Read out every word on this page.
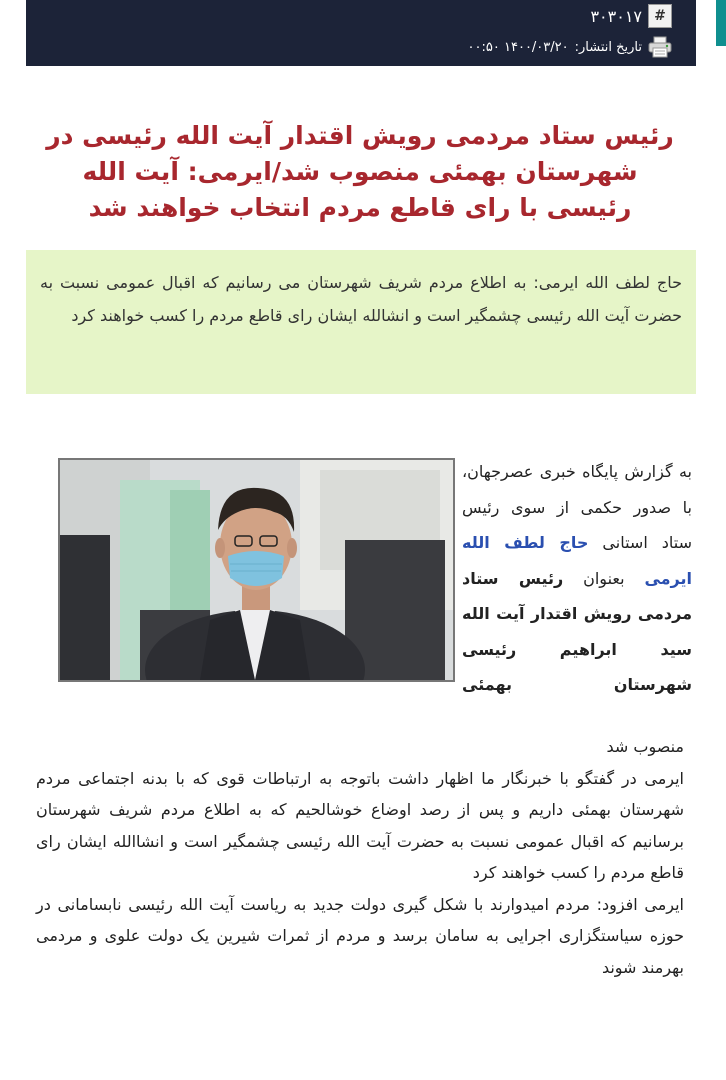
#
۳۰۳۰۱۷
تاریخ انتشار:
۱۴۰۰/۰۳/۲۰ ۰۰:۵۰
رئیس ستاد مردمی رویش اقتدار آیت الله رئیسی در شهرستان بهمئی منصوب شد/ایرمی: آیت الله رئیسی با رای قاطع مردم انتخاب خواهند شد
حاج لطف الله ایرمی: به اطلاع مردم شریف شهرستان می رسانیم که اقبال عمومی نسبت به حضرت آیت الله رئیسی چشمگیر است و انشالله ایشان رای قاطع مردم را کسب خواهند کرد
به گزارش پایگاه خبری عصرجهان، با صدور حکمی از سوی رئیس ستاد استانی حاج لطف الله ایرمی بعنوان رئیس ستاد مردمی رویش اقتدار آیت الله سید ابراهیم رئیسی شهرستان بهمئی

منصوب شد

ایرمی در گفتگو با خبرنگار ما اظهار داشت باتوجه به ارتباطات قوی که با بدنه اجتماعی مردم شهرستان بهمئی داریم و پس از رصد اوضاع خوشالحیم که به اطلاع مردم شریف شهرستان برسانیم که اقبال عمومی نسبت به حضرت آیت الله رئیسی چشمگیر است و انشاالله ایشان رای قاطع مردم را کسب خواهند کرد

ایرمی افزود: مردم امیدوارند با شکل گیری دولت جدید به ریاست آیت الله رئیسی نابسامانی در حوزه سیاستگزاری اجرایی به سامان برسد و مردم از ثمرات شیرین یک دولت علوی و مردمی بهرمند شوند
